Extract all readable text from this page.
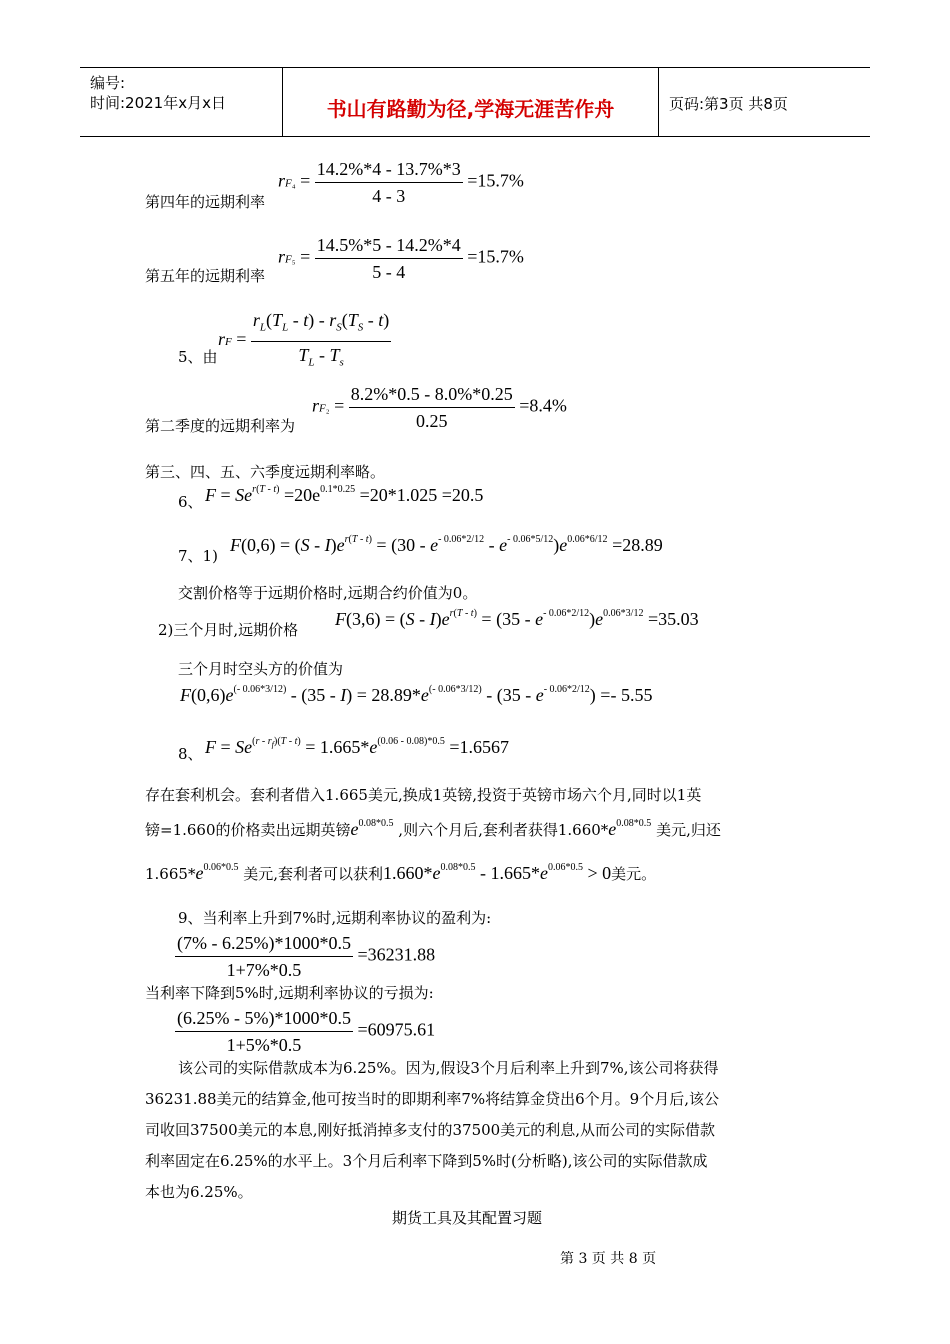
编号:
时间:2021年x月x日	书山有路勤为径,学海无涯苦作舟	页码:第3页 共8页
第四年的远期利率
$rF_4 = \frac{14.2\%*4 - 13.7\%*3}{4 - 3} =15.7\%$
第五年的远期利率
$rF_5 = \frac{14.5\%*5 - 14.2\%*4}{5 - 4} =15.7\%$
5、由
rF = $\frac{r_L(T_L - t) - r_S(T_S - t)}{T_L - T_s}$
第二季度的远期利率为
$rF_2 = \frac{8.2\%*0.5 - 8.0\%*0.25}{0.25} =8.4\%$
第三、四、五、六季度远期利率略。
6、 $F = Se^{r(T - t)} =20e^{0.1*0.25} =20*1.025 =20.5$
7、1)
$F(0,6) = (S - I)e^{r(T - t)} = (30 - e^{- 0.06*2/12} - e^{- 0.06*5/12})e^{0.06*6/12} =28.89$
交割价格等于远期价格时,远期合约价值为0。
2)三个月时,远期价格
$F(3,6) = (S - I)e^{r(T - t)} = (35 - e^{- 0.06*2/12})e^{0.06*3/12} =35.03$
三个月时空头方的价值为
$F(0,6)e^{(- 0.06*3/12)} - (35 - I) = 28.89*e^{(- 0.06*3/12)} - (35 - e^{- 0.06*2/12}) =- 5.55$
8、 $F = Se^{(r - r_f)(T - t)} = 1.665*e^{(0.06 - 0.08)*0.5} =1.6567$
存在套利机会。套利者借入1.665美元,换成1英镑,投资于英镑市场六个月,同时以1英
镑=1.660的价格卖出远期英镑$e^{0.08*0.5}$ ,则六个月后,套利者获得$1.660*e^{0.08*0.5}$ 美元,归还
$1.665*e^{0.06*0.5}$ 美元,套利者可以获利$1.660*e^{0.08*0.5} - 1.665*e^{0.06*0.5} > 0$美元。
9、当利率上升到7%时,远期利率协议的盈利为:
$\frac{(7\% - 6.25\%)*1000*0.5}{1+7\%*0.5} =36231.88$
当利率下降到5%时,远期利率协议的亏损为:
$\frac{(6.25\% - 5\%)*1000*0.5}{1+5\%*0.5} =60975.61$
该公司的实际借款成本为6.25%。因为,假设3个月后利率上升到7%,该公司将获得
36231.88美元的结算金,他可按当时的即期利率7%将结算金贷出6个月。9个月后,该公
司收回37500美元的本息,刚好抵消掉多支付的37500美元的利息,从而公司的实际借款
利率固定在6.25%的水平上。3个月后利率下降到5%时(分析略),该公司的实际借款成
本也为6.25%。
期货工具及其配置习题
第 3 页 共 8 页
